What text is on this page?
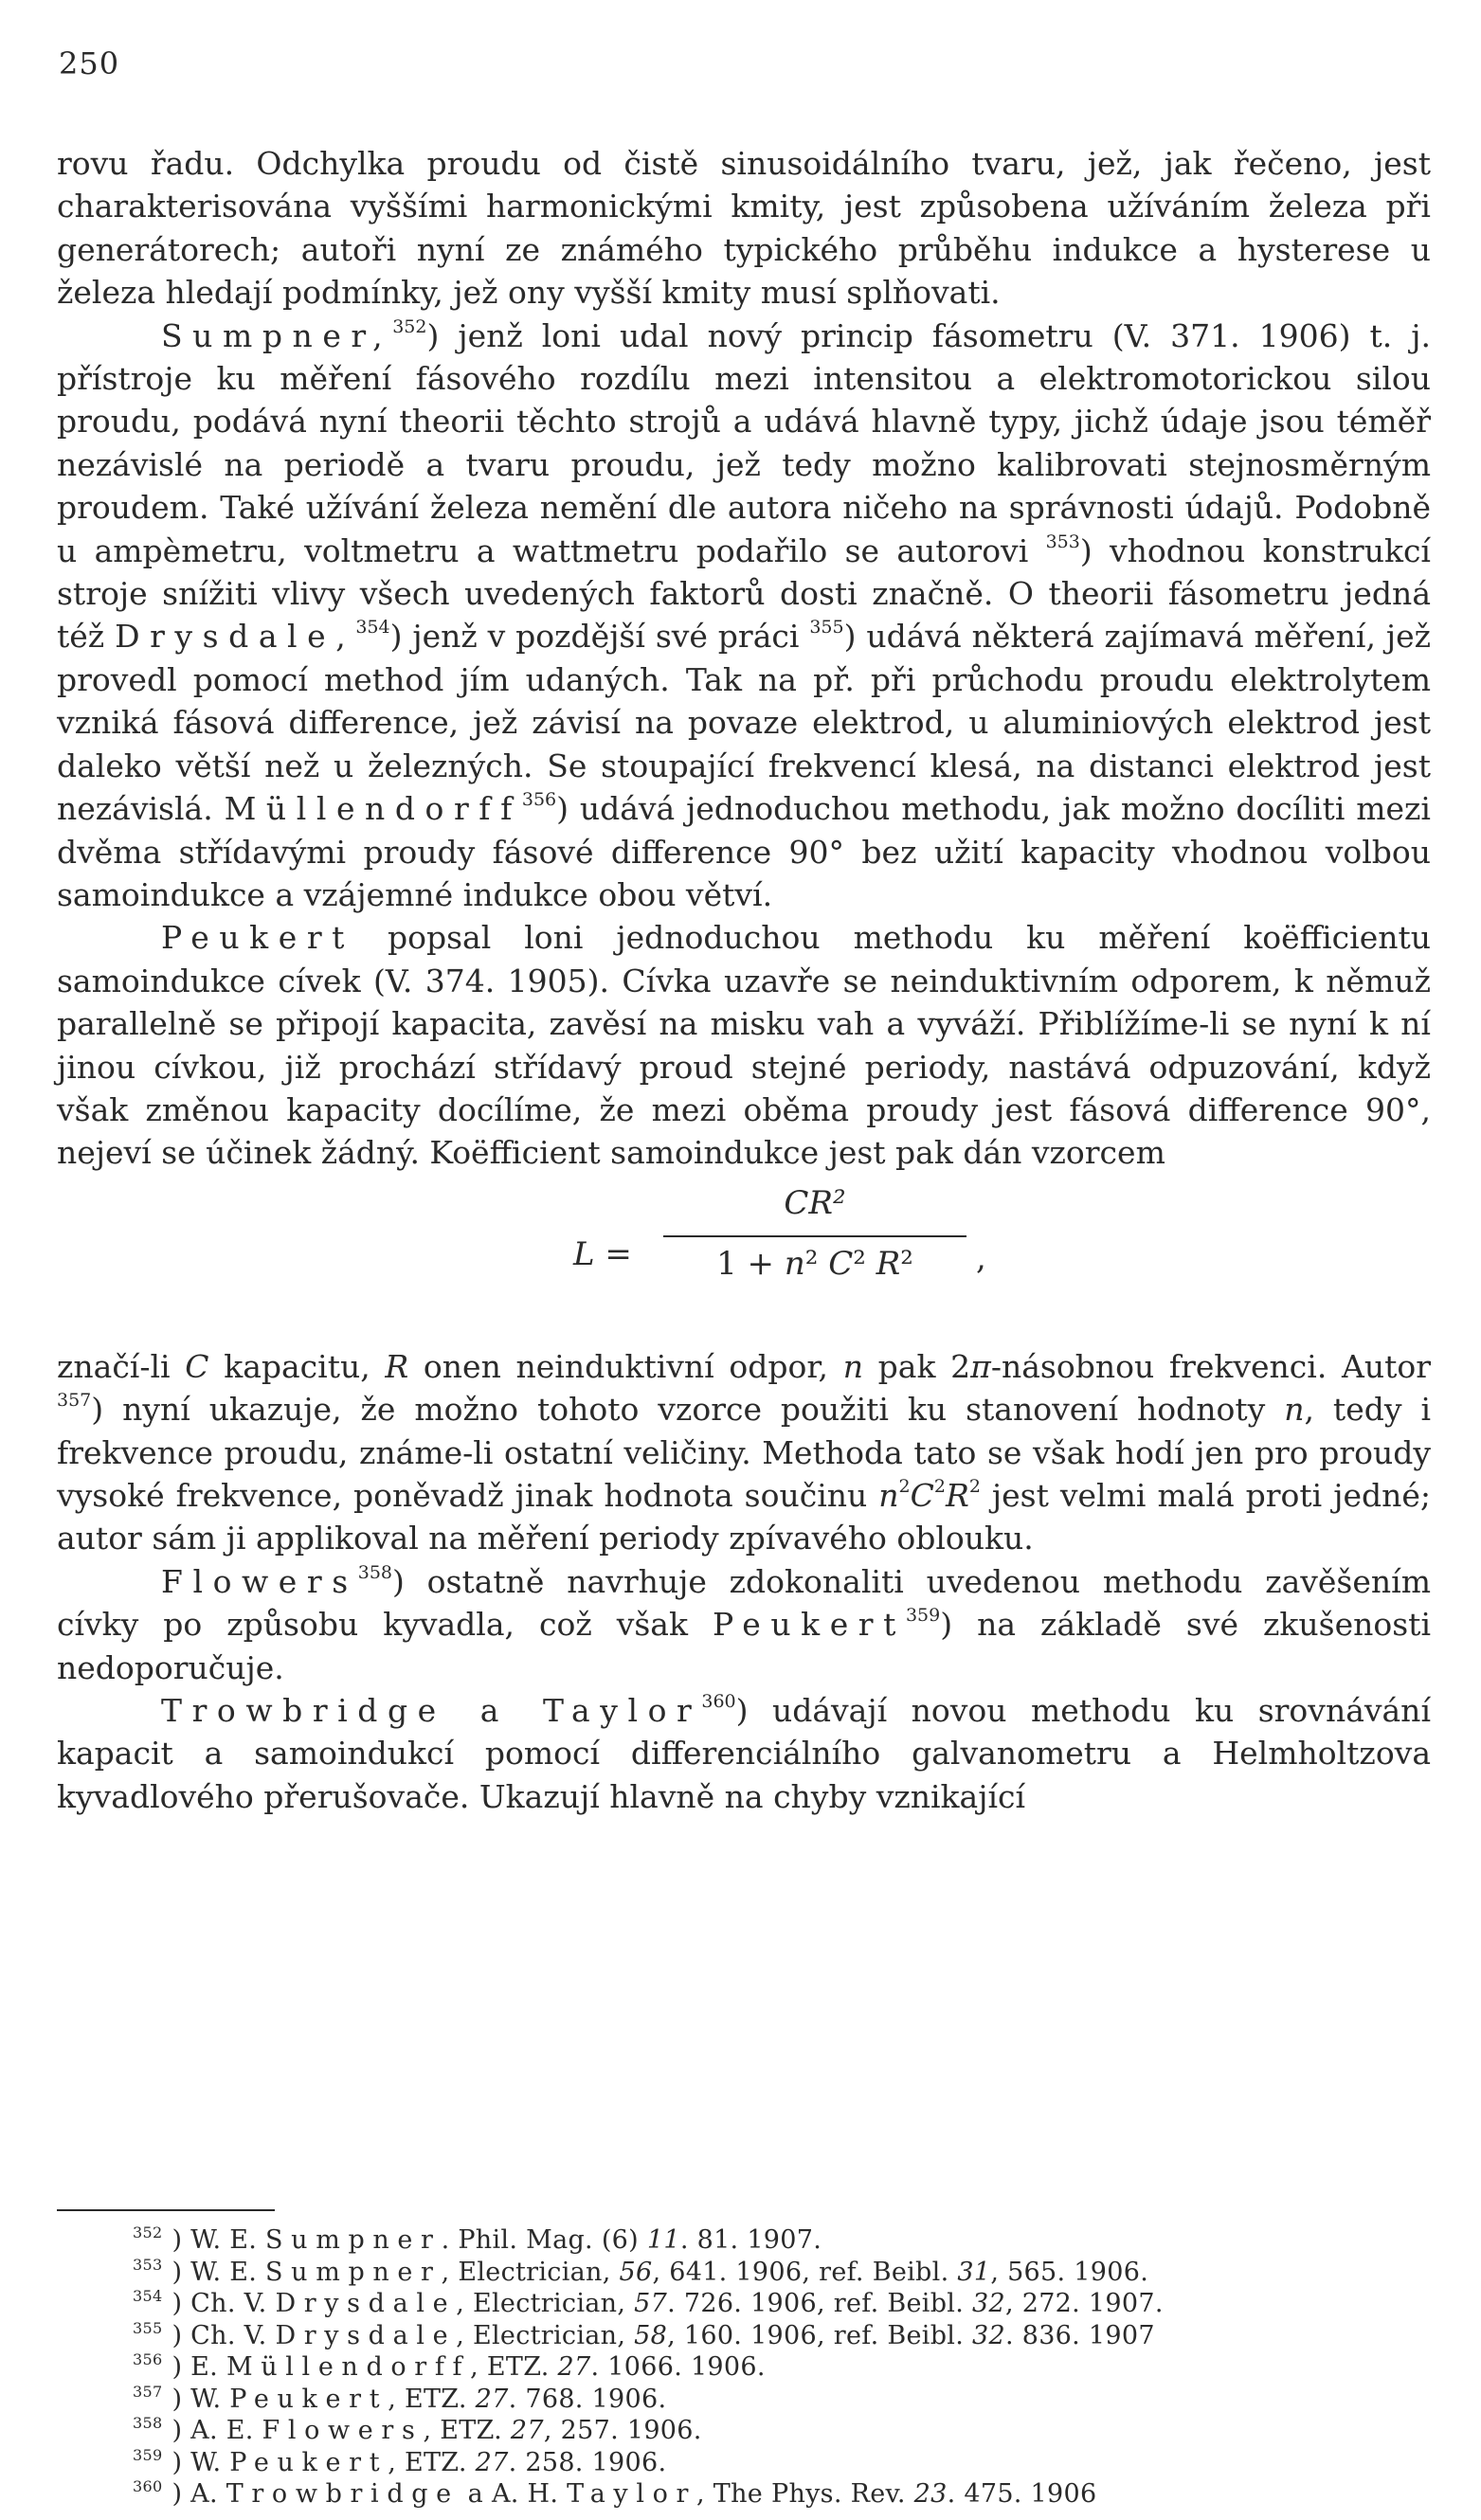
250

rovu řadu. Odchylka proudu od čistě sinusoidálního tvaru, jež, jak řečeno, jest charakterisována vyššími harmonickými kmity, jest způsobena užíváním železa při generátorech; autoři nyní ze známého typického průběhu indukce a hysterese u železa hledají podmínky, jež ony vyšší kmity musí splňovati.

Sumpner,$^{352}$) jenž loni udal nový princip fásometru (V. 371. 1906) t. j. přístroje ku měření fásového rozdílu mezi intensitou a elektromotorickou silou proudu, podává nyní theorii těchto strojů a udává hlavně typy, jichž údaje jsou téměř nezávislé na periodě a tvaru proudu, jež tedy možno kalibrovati stejnosměrným proudem. Také užívání železa nemění dle autora ničeho na správnosti údajů. Podobně u ampèmetru, voltmetru a wattmetru podařilo se autorovi $^{353}$) vhodnou konstrukcí stroje snížiti vlivy všech uvedených faktorů dosti značně. O theorii fásometru jedná též Drysdale,$^{354}$) jenž v pozdější své práci $^{355}$) udává některá zajímavá měření, jež provedl pomocí method jím udaných. Tak na př. při průchodu proudu elektrolytem vzniká fásová difference, jež závisí na povaze elektrod, u aluminiových elektrod jest daleko větší než u železných. Se stoupající frekvencí klesá, na distanci elektrod jest nezávislá. Müllendorff$^{356}$) udává jednoduchou methodu, jak možno docíliti mezi dvěma střídavými proudy fásové difference 90° bez užití kapacity vhodnou volbou samoindukce a vzájemné indukce obou větví.

Peukert popsal loni jednoduchou methodu ku měření koëfficientu samoindukce cívek (V. 374. 1905). Cívka uzavře se neinduktivním odporem, k němuž parallelně se připojí kapacita, zavěsí na misku vah a vyváží. Přiblížíme-li se nyní k ní jinou cívkou, již prochází střídavý proud stejné periody, nastává odpuzování, když však změnou kapacity docílíme, že mezi oběma proudy jest fásová difference 90°, nejeví se účinek žádný. Koëfficient samoindukce jest pak dán vzorcem

L =
CR²
1 + n² C² R²	,

značí-li C kapacitu, R onen neinduktivní odpor, n pak 2π-násobnou frekvenci. Autor $^{357}$) nyní ukazuje, že možno tohoto vzorce použiti ku stanovení hodnoty n, tedy i frekvence proudu, známe-li ostatní veličiny. Methoda tato se však hodí jen pro proudy vysoké frekvence, poněvadž jinak hodnota součinu $n^2C^2R^2$ jest velmi malá proti jedné; autor sám ji applikoval na měření periody zpívavého oblouku.

Flowers$^{358}$) ostatně navrhuje zdokonaliti uvedenou methodu zavěšením cívky po způsobu kyvadla, což však Peukert$^{359}$) na základě své zkušenosti nedoporučuje.

Trowbridge a Taylor$^{360}$) udávají novou methodu ku srovnávání kapacit a samoindukcí pomocí differenciálního galvanometru a Helmholtzova kyvadlového přerušovače. Ukazují hlavně na chyby vznikající

$^{352}$ ) W. E. Sumpner. Phil. Mag. (6) 11. 81. 1907.
$^{353}$ ) W. E. Sumpner, Electrician, 56, 641. 1906, ref. Beibl. 31, 565. 1906.
$^{354}$ ) Ch. V. Drysdale, Electrician, 57. 726. 1906, ref. Beibl. 32, 272. 1907.
$^{355}$ ) Ch. V. Drysdale, Electrician, 58, 160. 1906, ref. Beibl. 32. 836. 1907
$^{356}$ ) E. Müllendorff, ETZ. 27. 1066. 1906.
$^{357}$ ) W. Peukert, ETZ. 27. 768. 1906.
$^{358}$ ) A. E. Flowers, ETZ. 27, 257. 1906.
$^{359}$ ) W. Peukert, ETZ. 27. 258. 1906.
$^{360}$ ) A. Trowbridge a A. H. Taylor, The Phys. Rev. 23. 475. 1906
